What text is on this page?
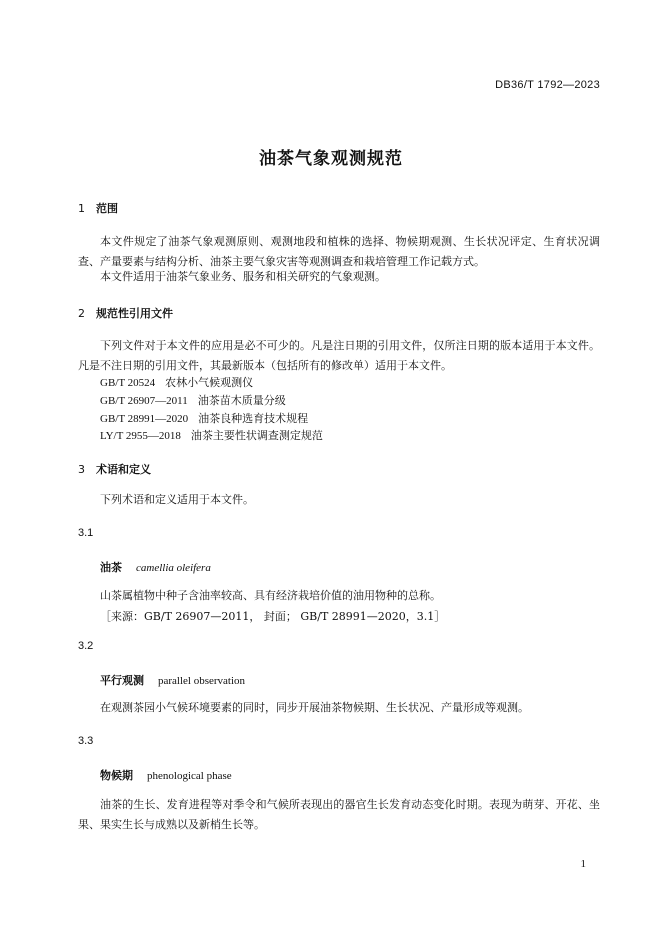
DB36/T 1792—2023
油茶气象观测规范
1 范围
本文件规定了油茶气象观测原则、观测地段和植株的选择、物候期观测、生长状况评定、生育状况调查、产量要素与结构分析、油茶主要气象灾害等观测调查和栽培管理工作记载方式。
本文件适用于油茶气象业务、服务和相关研究的气象观测。
2 规范性引用文件
下列文件对于本文件的应用是必不可少的。凡是注日期的引用文件，仅所注日期的版本适用于本文件。凡是不注日期的引用文件，其最新版本（包括所有的修改单）适用于本文件。
GB/T 20524 农林小气候观测仪
GB/T 26907—2011 油茶苗木质量分级
GB/T 28991—2020 油茶良种选育技术规程
LY/T 2955—2018 油茶主要性状调查测定规范
3 术语和定义
下列术语和定义适用于本文件。
3.1
油茶 camellia oleifera
山茶属植物中种子含油率较高、具有经济栽培价值的油用物种的总称。
［来源：GB/T 26907—2011， 封面； GB/T 28991—2020，3.1］
3.2
平行观测 parallel observation
在观测茶园小气候环境要素的同时，同步开展油茶物候期、生长状况、产量形成等观测。
3.3
物候期 phenological phase
油茶的生长、发育进程等对季令和气候所表现出的器官生长发育动态变化时期。表现为萌芽、开花、坐果、果实生长与成熟以及新梢生长等。
1
